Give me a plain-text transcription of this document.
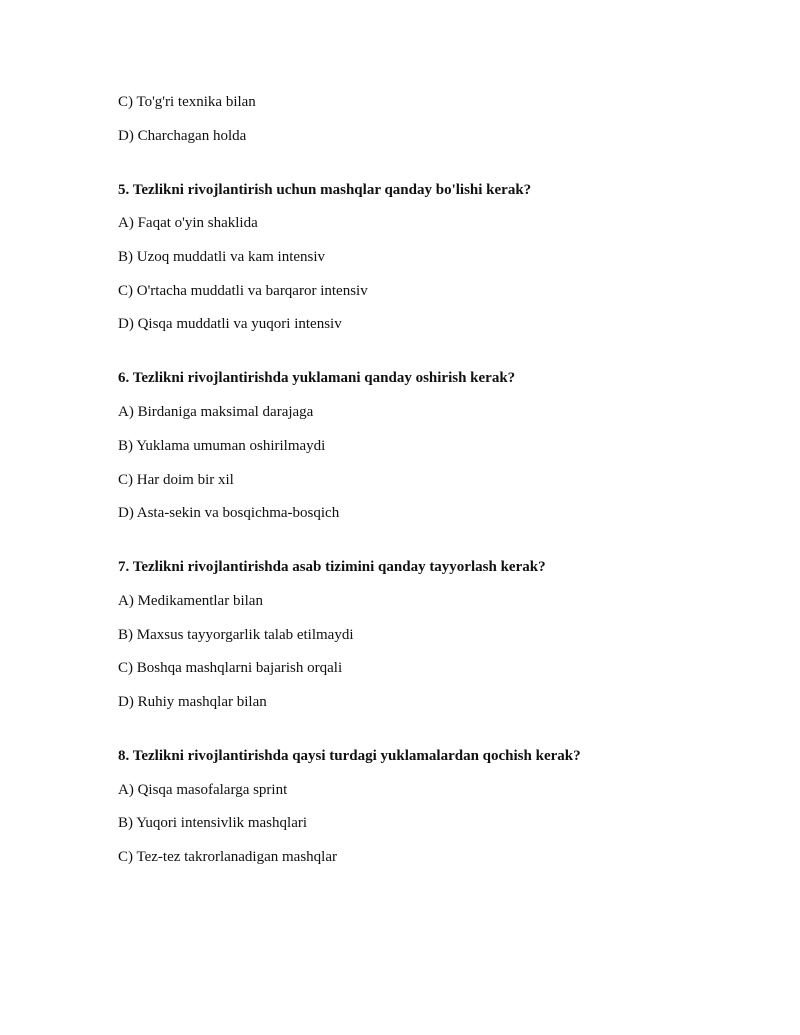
C) To'g'ri texnika bilan

D) Charchagan holda

5. Tezlikni rivojlantirish uchun mashqlar qanday bo'lishi kerak?

A) Faqat o'yin shaklida

B) Uzoq muddatli va kam intensiv

C) O'rtacha muddatli va barqaror intensiv

D) Qisqa muddatli va yuqori intensiv

6. Tezlikni rivojlantirishda yuklamani qanday oshirish kerak?

A) Birdaniga maksimal darajaga

B) Yuklama umuman oshirilmaydi

C) Har doim bir xil

D) Asta-sekin va bosqichma-bosqich

7. Tezlikni rivojlantirishda asab tizimini qanday tayyorlash kerak?

A) Medikamentlar bilan

B) Maxsus tayyorgarlik talab etilmaydi

C) Boshqa mashqlarni bajarish orqali

D) Ruhiy mashqlar bilan

8. Tezlikni rivojlantirishda qaysi turdagi yuklamalardan qochish kerak?

A) Qisqa masofalarga sprint

B) Yuqori intensivlik mashqlari

C) Tez-tez takrorlanadigan mashqlar
